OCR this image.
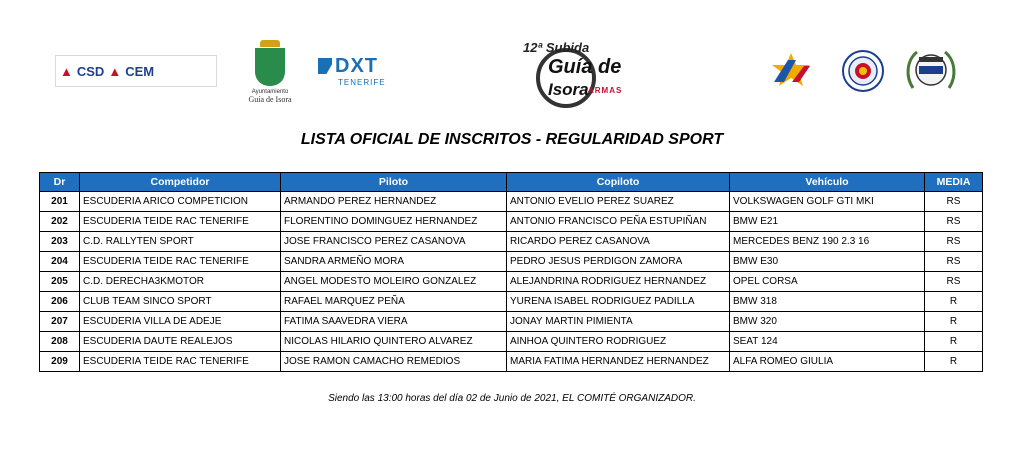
▲ CSD ▲ CEM
Ayuntamiento
Guía de Isora
DXT
TENERIFE
12ª Subida
Guía de
Isora ARMAS
LISTA OFICIAL DE INSCRITOS - REGULARIDAD SPORT
Dr	Competidor	Piloto	Copiloto	Vehículo	MEDIA
201	ESCUDERIA ARICO COMPETICION	ARMANDO PEREZ HERNANDEZ	ANTONIO EVELIO PEREZ SUAREZ	VOLKSWAGEN GOLF GTI MKI	RS
202	ESCUDERIA TEIDE RAC TENERIFE	FLORENTINO DOMINGUEZ HERNANDEZ	ANTONIO FRANCISCO PEÑA ESTUPIÑAN	BMW E21	RS
203	C.D. RALLYTEN SPORT	JOSE FRANCISCO PEREZ CASANOVA	RICARDO PEREZ CASANOVA	MERCEDES BENZ 190 2.3 16	RS
204	ESCUDERIA TEIDE RAC TENERIFE	SANDRA ARMEÑO MORA	PEDRO JESUS PERDIGON ZAMORA	BMW E30	RS
205	C.D. DERECHA3KMOTOR	ANGEL MODESTO MOLEIRO GONZALEZ	ALEJANDRINA RODRIGUEZ HERNANDEZ	OPEL CORSA	RS
206	CLUB TEAM SINCO SPORT	RAFAEL MARQUEZ PEÑA	YURENA ISABEL RODRIGUEZ PADILLA	BMW 318	R
207	ESCUDERIA VILLA DE ADEJE	FATIMA SAAVEDRA VIERA	JONAY MARTIN PIMIENTA	BMW 320	R
208	ESCUDERIA DAUTE REALEJOS	NICOLAS HILARIO QUINTERO ALVAREZ	AINHOA QUINTERO RODRIGUEZ	SEAT 124	R
209	ESCUDERIA TEIDE RAC TENERIFE	JOSE RAMON CAMACHO REMEDIOS	MARIA FATIMA HERNANDEZ HERNANDEZ	ALFA ROMEO GIULIA	R
Siendo las 13:00 horas del día 02 de Junio de 2021, EL COMITÉ ORGANIZADOR.
